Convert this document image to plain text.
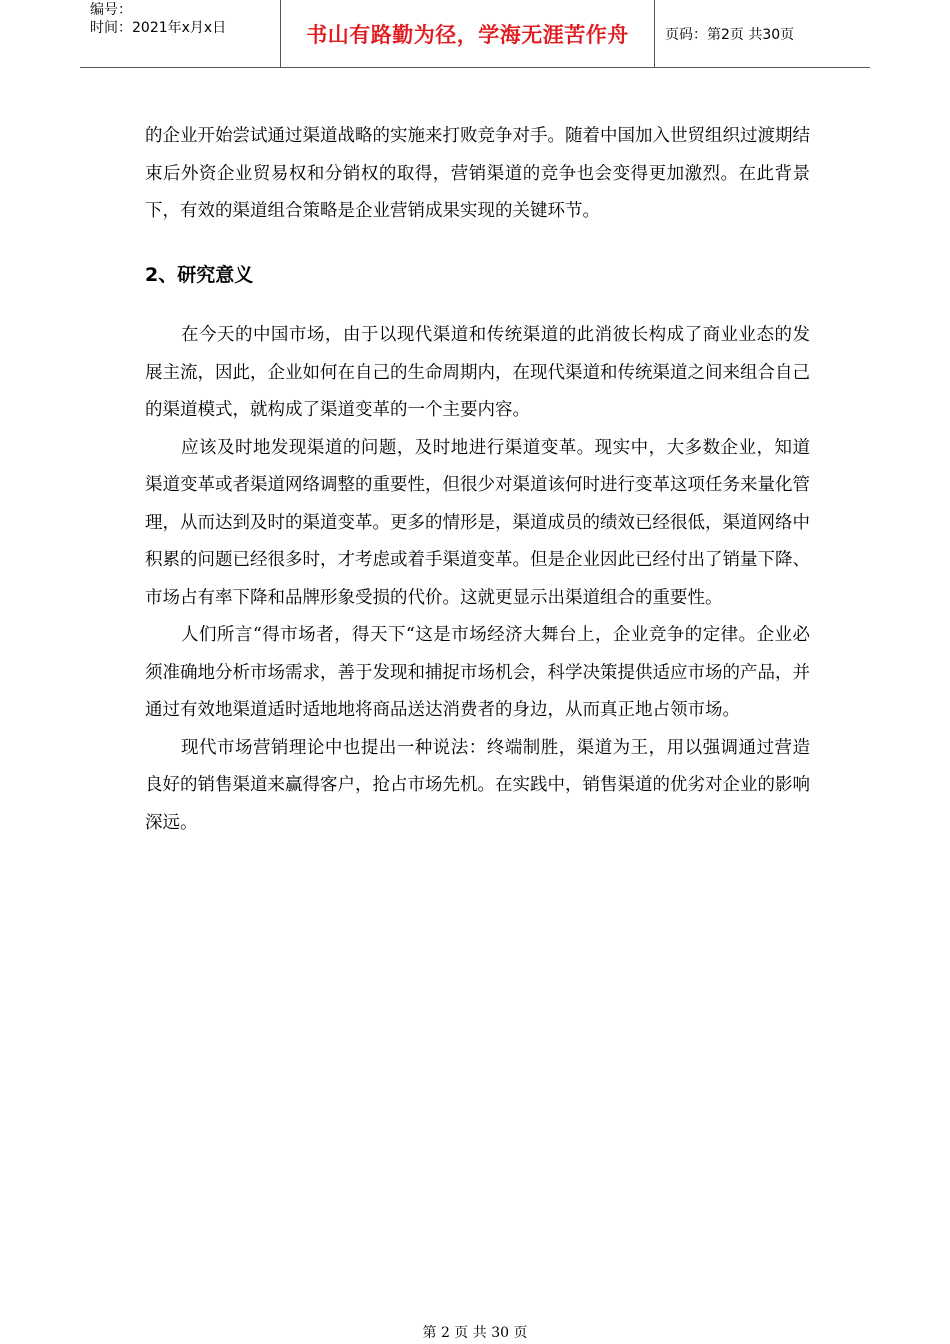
编号：
时间：2021年x月x日	书山有路勤为径，学海无涯苦作舟	页码：第2页 共30页

的企业开始尝试通过渠道战略的实施来打败竞争对手。随着中国加入世贸组织过渡期结束后外资企业贸易权和分销权的取得，营销渠道的竞争也会变得更加激烈。在此背景下，有效的渠道组合策略是企业营销成果实现的关键环节。

2、研究意义

在今天的中国市场，由于以现代渠道和传统渠道的此消彼长构成了商业业态的发展主流，因此，企业如何在自己的生命周期内，在现代渠道和传统渠道之间来组合自己的渠道模式，就构成了渠道变革的一个主要内容。

应该及时地发现渠道的问题，及时地进行渠道变革。现实中，大多数企业，知道渠道变革或者渠道网络调整的重要性，但很少对渠道该何时进行变革这项任务来量化管理，从而达到及时的渠道变革。更多的情形是，渠道成员的绩效已经很低，渠道网络中积累的问题已经很多时，才考虑或着手渠道变革。但是企业因此已经付出了销量下降、市场占有率下降和品牌形象受损的代价。这就更显示出渠道组合的重要性。

人们所言“得市场者，得天下“这是市场经济大舞台上，企业竞争的定律。企业必须准确地分析市场需求，善于发现和捕捉市场机会，科学决策提供适应市场的产品，并通过有效地渠道适时适地地将商品送达消费者的身边，从而真正地占领市场。

现代市场营销理论中也提出一种说法：终端制胜，渠道为王，用以强调通过营造良好的销售渠道来赢得客户，抢占市场先机。在实践中，销售渠道的优劣对企业的影响深远。

第 2 页 共 30 页
